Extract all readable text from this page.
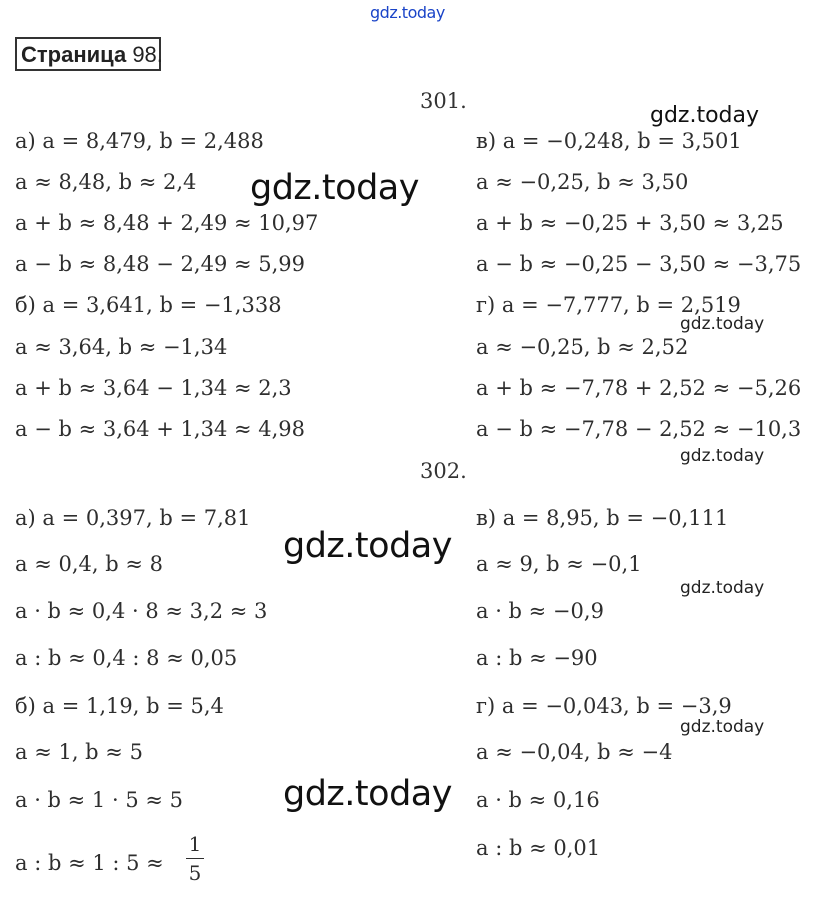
gdz.today
Страница 98.
301.
а) a = 8,479, b = 2,488
a ≈ 8,48, b ≈ 2,4
a + b ≈ 8,48 + 2,49 ≈ 10,97
a − b ≈ 8,48 − 2,49 ≈ 5,99
б) a = 3,641, b = −1,338
a ≈ 3,64, b ≈ −1,34
a + b ≈ 3,64 − 1,34 ≈ 2,3
a − b ≈ 3,64 + 1,34 ≈ 4,98
в) a = −0,248, b = 3,501
a ≈ −0,25, b ≈ 3,50
a + b ≈ −0,25 + 3,50 ≈ 3,25
a − b ≈ −0,25 − 3,50 ≈ −3,75
г) a = −7,777, b = 2,519
a ≈ −0,25, b ≈ 2,52
a + b ≈ −7,78 + 2,52 ≈ −5,26
a − b ≈ −7,78 − 2,52 ≈ −10,3
302.
а) a = 0,397, b = 7,81
a ≈ 0,4, b ≈ 8
a · b ≈ 0,4 · 8 ≈ 3,2 ≈ 3
a : b ≈ 0,4 : 8 ≈ 0,05
б) a = 1,19, b = 5,4
a ≈ 1, b ≈ 5
a · b ≈ 1 · 5 ≈ 5
a : b ≈ 1 : 5 ≈
1
5
в) a = 8,95, b = −0,111
a ≈ 9, b ≈ −0,1
a · b ≈ −0,9
a : b ≈ −90
г) a = −0,043, b = −3,9
a ≈ −0,04, b ≈ −4
a · b ≈ 0,16
a : b ≈ 0,01
gdz.today
gdz.today
gdz.today
gdz.today
gdz.today
gdz.today
gdz.today
gdz.today
